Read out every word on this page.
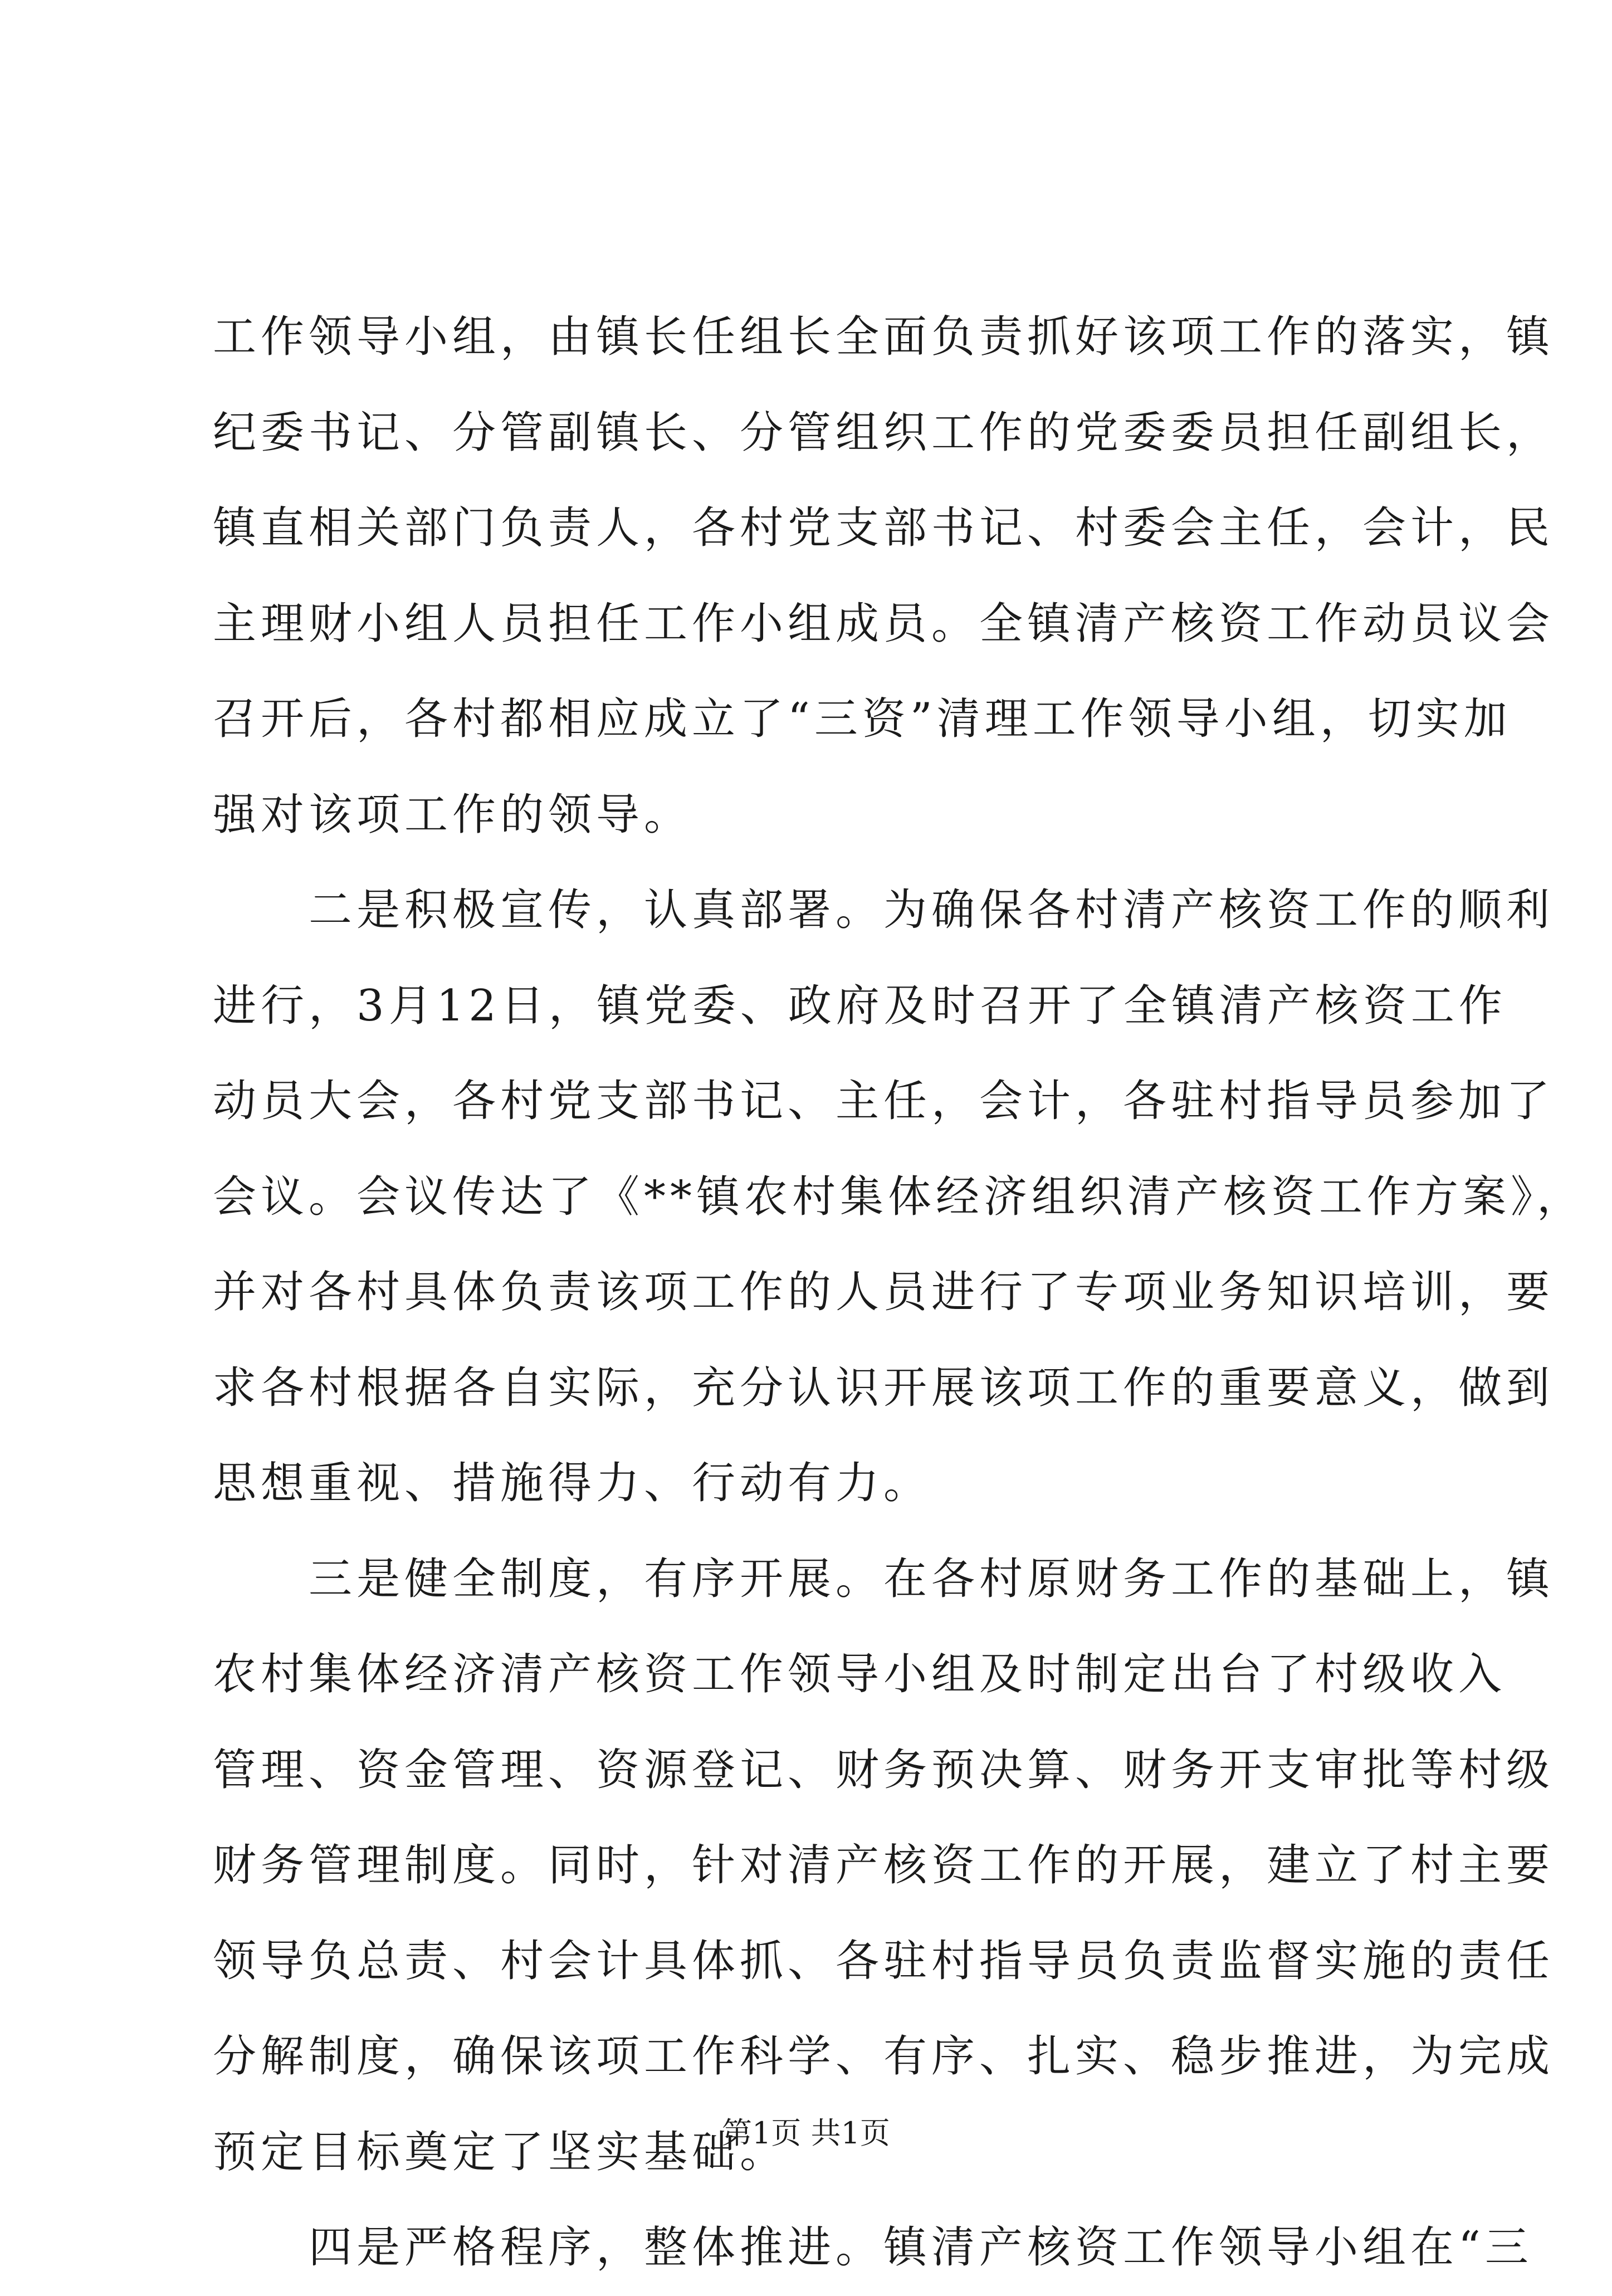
工作领导小组，由镇长任组长全面负责抓好该项工作的落实，镇
纪委书记、分管副镇长、分管组织工作的党委委员担任副组长，
镇直相关部门负责人，各村党支部书记、村委会主任，会计，民
主理财小组人员担任工作小组成员。全镇清产核资工作动员议会
召开后，各村都相应成立了“三资”清理工作领导小组，切实加
强对该项工作的领导。
　　二是积极宣传，认真部署。为确保各村清产核资工作的顺利
进行，3月12日，镇党委、政府及时召开了全镇清产核资工作
动员大会，各村党支部书记、主任，会计，各驻村指导员参加了
会议。会议传达了《**镇农村集体经济组织清产核资工作方案》，
并对各村具体负责该项工作的人员进行了专项业务知识培训，要
求各村根据各自实际，充分认识开展该项工作的重要意义，做到
思想重视、措施得力、行动有力。
　　三是健全制度，有序开展。在各村原财务工作的基础上，镇
农村集体经济清产核资工作领导小组及时制定出台了村级收入
管理、资金管理、资源登记、财务预决算、财务开支审批等村级
财务管理制度。同时，针对清产核资工作的开展，建立了村主要
领导负总责、村会计具体抓、各驻村指导员负责监督实施的责任
分解制度，确保该项工作科学、有序、扎实、稳步推进，为完成
预定目标奠定了坚实基础。
　　四是严格程序，整体推进。镇清产核资工作领导小组在“三
第1页 共1页
